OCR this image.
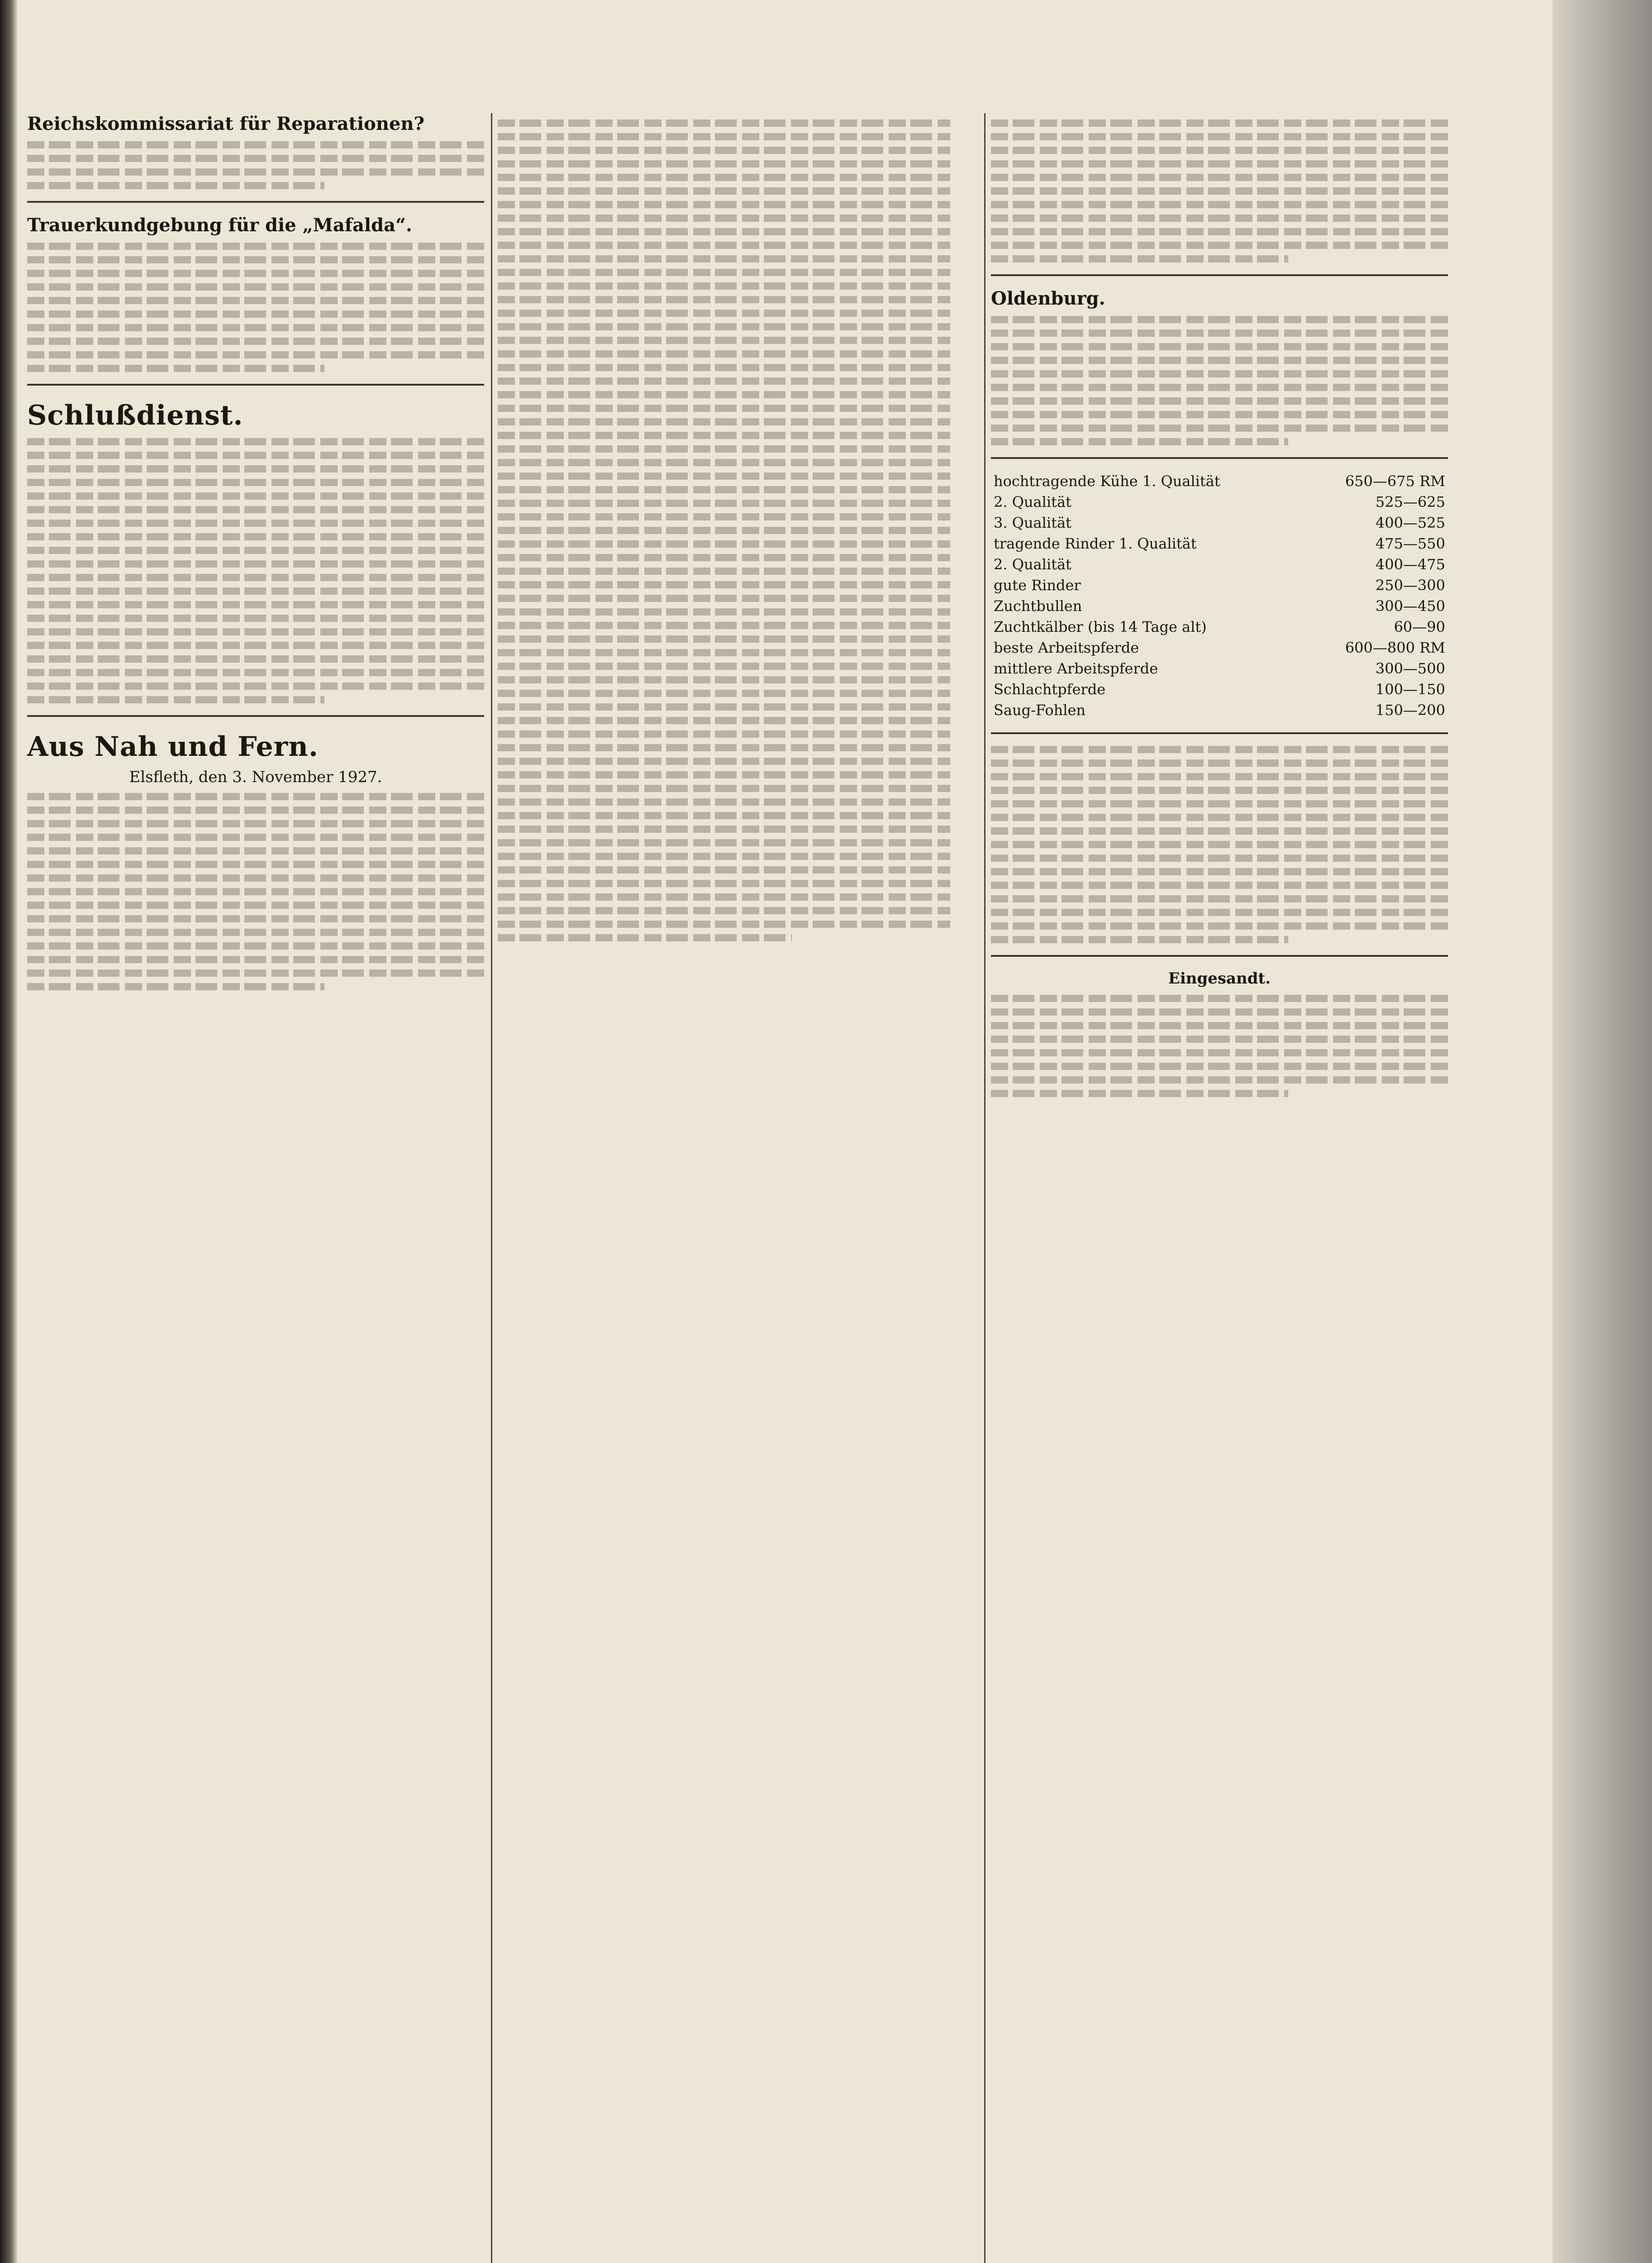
Reichskommissariat für Reparationen?
Trauerkundgebung für die „Mafalda“.
Schlußdienst.
Aus Nah und Fern.
Elsfleth, den 3. November 1927.
Oldenburg.
hochtragende Kühe 1. Qualität	650—675 RM
2. Qualität	525—625
3. Qualität	400—525
tragende Rinder 1. Qualität	475—550
2. Qualität	400—475
gute Rinder	250—300
Zuchtbullen	300—450
Zuchtkälber (bis 14 Tage alt)	60—90
beste Arbeitspferde	600—800 RM
mittlere Arbeitspferde	300—500
Schlachtpferde	100—150
Saug-Fohlen	150—200
Eingesandt.
